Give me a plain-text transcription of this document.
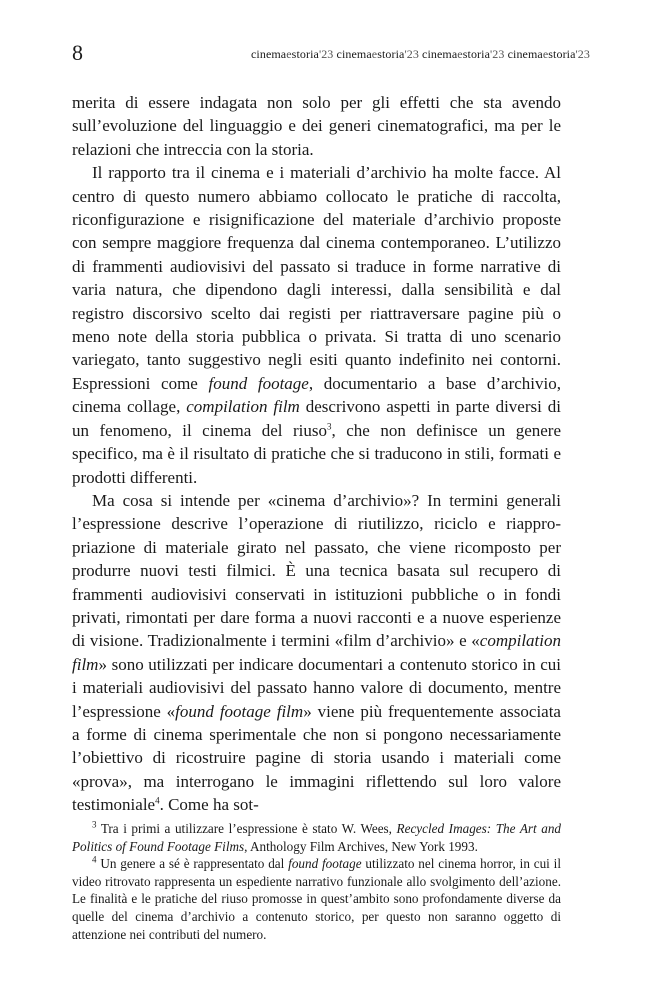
8	cinemaestoria'23 cinemaestoria'23 cinemaestoria'23 cinemaestoria'23

merita di essere indagata non solo per gli effetti che sta avendo sull’evoluzione del linguaggio e dei generi cinematografici, ma per le relazioni che intreccia con la storia.

Il rapporto tra il cinema e i materiali d’archivio ha molte facce. Al centro di questo numero abbiamo collocato le pratiche di raccolta, riconfigurazione e risignificazione del materiale d’archivio proposte con sempre maggiore frequenza dal cinema contemporaneo. L’utilizzo di frammenti audiovisivi del passato si traduce in forme narrative di varia natura, che dipendono dagli interessi, dalla sensibilità e dal registro discorsivo scelto dai registi per riattraversare pagine più o meno note della storia pubblica o privata. Si tratta di uno scenario variegato, tanto suggestivo negli esiti quanto indefinito nei contorni. Espressioni come found footage, documentario a base d’archivio, cinema collage, compilation film descrivono aspetti in parte diversi di un fenomeno, il cinema del riuso$^3$, che non definisce un genere specifico, ma è il risultato di pratiche che si traducono in stili, formati e prodotti differenti.

Ma cosa si intende per «cinema d’archivio»? In termini generali l’espressione descrive l’operazione di riutilizzo, riciclo e riappropriazione di materiale girato nel passato, che viene ricomposto per produrre nuovi testi filmici. È una tecnica basata sul recupero di frammenti audiovisivi conservati in istituzioni pubbliche o in fondi privati, rimontati per dare forma a nuovi racconti e a nuove esperienze di visione. Tradizionalmente i termini «film d’archivio» e «compilation film» sono utilizzati per indicare documentari a contenuto storico in cui i materiali audiovisivi del passato hanno valore di documento, mentre l’espressione «found footage film» viene più frequentemente associata a forme di cinema sperimentale che non si pongono necessariamente l’obiettivo di ricostruire pagine di storia usando i materiali come «prova», ma interrogano le immagini riflettendo sul loro valore testimoniale$^4$. Come ha sot-

$^3$ Tra i primi a utilizzare l’espressione è stato W. Wees, Recycled Images: The Art and Politics of Found Footage Films, Anthology Film Archives, New York 1993.

$^4$ Un genere a sé è rappresentato dal found footage utilizzato nel cinema horror, in cui il video ritrovato rappresenta un espediente narrativo funzionale allo svolgimento dell’azione. Le finalità e le pratiche del riuso promosse in quest’ambito sono profondamente diverse da quelle del cinema d’archivio a contenuto storico, per questo non saranno oggetto di attenzione nei contributi del numero.
